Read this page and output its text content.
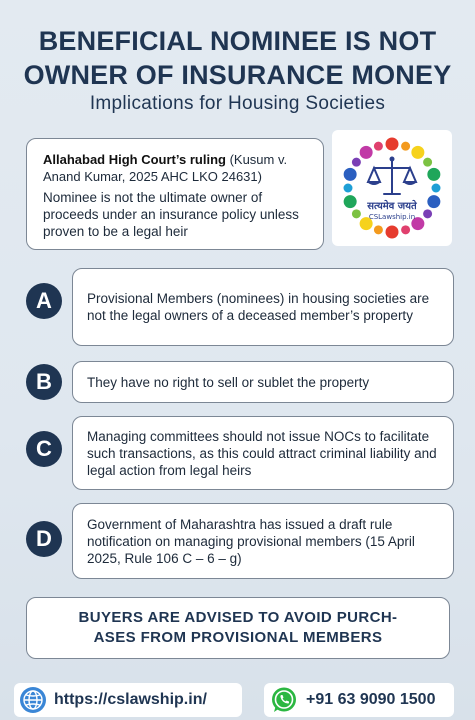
BENEFICIAL NOMINEE IS NOT
OWNER OF INSURANCE MONEY
Implications for Housing Societies
Allahabad High Court’s ruling (Kusum v. Anand Kumar, 2025 AHC LKO 24631)
Nominee is not the ultimate owner of proceeds under an insurance policy unless proven to be a legal heir
सत्यमेव जयते
CSLawship.in
A	Provisional Members (nominees) in housing societies are not the legal owners of a deceased member’s property
B	They have no right to sell or sublet the property
C	Managing committees should not issue NOCs to facilitate such transactions, as this could attract criminal liability and legal action from legal heirs
D
Government of Maharashtra has issued a draft rule notification on managing provisional members (15 April 2025, Rule 106 C – 6 – g)
BUYERS ARE ADVISED TO AVOID PURCH-
ASES FROM PROVISIONAL MEMBERS
https://cslawship.in/	+91 63 9090 1500
